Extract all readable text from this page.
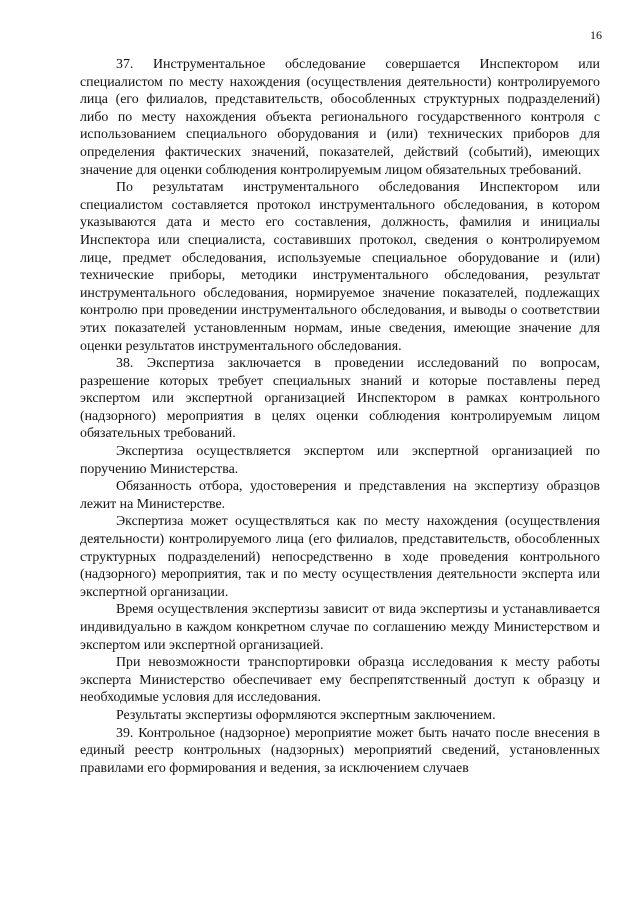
16

37. Инструментальное обследование совершается Инспектором или специалистом по месту нахождения (осуществления деятельности) контролируемого лица (его филиалов, представительств, обособленных структурных подразделений) либо по месту нахождения объекта регионального государственного контроля с использованием специального оборудования и (или) технических приборов для определения фактических значений, показателей, действий (событий), имеющих значение для оценки соблюдения контролируемым лицом обязательных требований.

По результатам инструментального обследования Инспектором или специалистом составляется протокол инструментального обследования, в котором указываются дата и место его составления, должность, фамилия и инициалы Инспектора или специалиста, составивших протокол, сведения о контролируемом лице, предмет обследования, используемые специальное оборудование и (или) технические приборы, методики инструментального обследования, результат инструментального обследования, нормируемое значение показателей, подлежащих контролю при проведении инструментального обследования, и выводы о соответствии этих показателей установленным нормам, иные сведения, имеющие значение для оценки результатов инструментального обследования.

38. Экспертиза заключается в проведении исследований по вопросам, разрешение которых требует специальных знаний и которые поставлены перед экспертом или экспертной организацией Инспектором в рамках контрольного (надзорного) мероприятия в целях оценки соблюдения контролируемым лицом обязательных требований.

Экспертиза осуществляется экспертом или экспертной организацией по поручению Министерства.

Обязанность отбора, удостоверения и представления на экспертизу образцов лежит на Министерстве.

Экспертиза может осуществляться как по месту нахождения (осуществления деятельности) контролируемого лица (его филиалов, представительств, обособленных структурных подразделений) непосредственно в ходе проведения контрольного (надзорного) мероприятия, так и по месту осуществления деятельности эксперта или экспертной организации.

Время осуществления экспертизы зависит от вида экспертизы и устанавливается индивидуально в каждом конкретном случае по соглашению между Министерством и экспертом или экспертной организацией.

При невозможности транспортировки образца исследования к месту работы эксперта Министерство обеспечивает ему беспрепятственный доступ к образцу и необходимые условия для исследования.

Результаты экспертизы оформляются экспертным заключением.

39. Контрольное (надзорное) мероприятие может быть начато после внесения в единый реестр контрольных (надзорных) мероприятий сведений, установленных правилами его формирования и ведения, за исключением случаев
